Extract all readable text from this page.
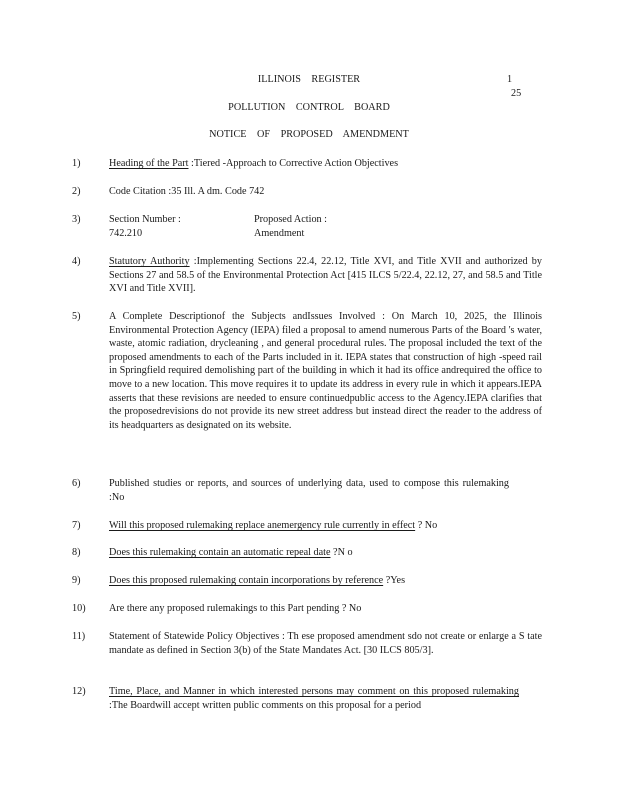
ILLINOIS REGISTER	1
25
POLLUTION CONTROL BOARD
NOTICE OF PROPOSED AMENDMENT
1)	Heading of the Part :Tiered -Approach to Corrective Action Objectives

2)	Code Citation :35 Ill. A dm. Code 742

3)	Section Number :
742.210
Proposed Action :
Amendment
4)	Statutory Authority :Implementing Sections 22.4, 22.12, Title XVI, and Title XVII and authorized by Sections 27 and 58.5 of the Environmental Protection Act [415 ILCS 5/22.4, 22.12, 27, and 58.5 and Title XVI and Title XVII].

5)	A Complete Descriptionof the Subjects andIssues Involved : On March 10, 2025, the Illinois Environmental Protection Agency (IEPA) filed a proposal to amend numerous Parts of the Board 's water, waste, atomic radiation, drycleaning , and general procedural rules. The proposal included the text of the proposed amendments to each of the Parts included in it. IEPA states that construction of high -speed rail in Springfield required demolishing part of the building in which it had its office andrequired the office to move to a new location. This move requires it to update its address in every rule in which it appears.IEPA asserts that these revisions are needed to ensure continuedpublic access to the Agency.IEPA clarifies that the proposedrevisions do not provide its new street address but instead direct the reader to the address of its headquarters as designated on its website.

6)	Published studies or reports, and sources of underlying data, used to compose this rulemaking :No

7)	Will this proposed rulemaking replace anemergency rule currently in effect ? No

8)	Does this rulemaking contain an automatic repeal date ?N o

9)	Does this proposed rulemaking contain incorporations by reference ?Yes

10)	Are there any proposed rulemakings to this Part pending ? No

11)	Statement of Statewide Policy Objectives : Th ese proposed amendment sdo not create or enlarge a S tate mandate as defined in Section 3(b) of the State Mandates Act. [30 ILCS 805/3].

12)	Time, Place, and Manner in which interested persons may comment on this proposed rulemaking :The Boardwill accept written public comments on this proposal for a period
